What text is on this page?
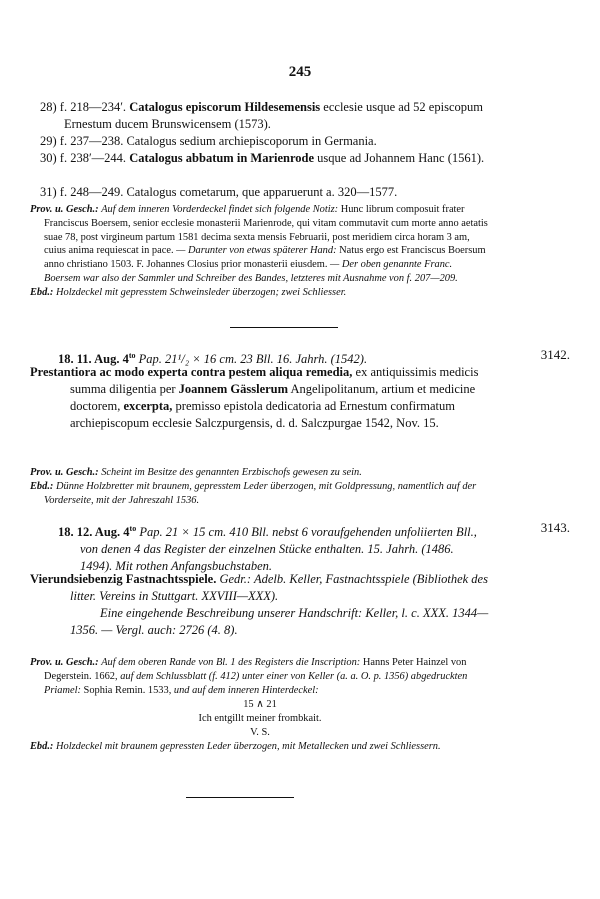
245
28) f. 218—234′. Catalogus episcorum Hildesemensis ecclesie usque ad 52 episcopum Ernestum ducem Brunswicensem (1573).
29) f. 237—238. Catalogus sedium archiepiscoporum in Germania.
30) f. 238′—244. Catalogus abbatum in Marienrode usque ad Johannem Hanc (1561).
31) f. 248—249. Catalogus cometarum, que apparuerunt a. 320—1577.

Prov. u. Gesch.: Auf dem inneren Vorderdeckel findet sich folgende Notiz: Hunc librum composuit frater Franciscus Boersem, senior ecclesie monasterii Marienrode, qui vitam commutavit cum morte anno aetatis suae 78, post virgineum partum 1581 decima sexta mensis Februarii, post meridiem circa horam 3 am, cuius anima requiescat in pace. — Darunter von etwas späterer Hand: Natus ergo est Franciscus Boersum anno christiano 1503. F. Johannes Closius prior monasterii eiusdem. — Der oben genannte Franc. Boersem war also der Sammler und Schreiber des Bandes, letzteres mit Ausnahme von f. 207—209.

Ebd.: Holzdeckel mit gepresstem Schweinsleder überzogen; zwei Schliesser.

18. 11. Aug. $4^{to}$ Pap. 21¹/₂ × 16 cm. 23 Bll. 16. Jahrh. (1542).	3142.
Prestantiora ac modo experta contra pestem aliqua remedia, ex antiquissimis medicis summa diligentia per Joannem Gässlerum Angelipolitanum, artium et medicine doctorem, excerpta, premisso epistola dedicatoria ad Ernestum confirmatum archiepiscopum ecclesie Salczpurgensis, d. d. Salczpurgae 1542, Nov. 15.

Prov. u. Gesch.: Scheint im Besitze des genannten Erzbischofs gewesen zu sein.

Ebd.: Dünne Holzbretter mit braunem, gepresstem Leder überzogen, mit Goldpressung, namentlich auf der Vorderseite, mit der Jahreszahl 1536.

18. 12. Aug. $4^{to}$ Pap. 21 × 15 cm. 410 Bll. nebst 6 voraufgehenden unfoliierten Bll., von denen 4 das Register der einzelnen Stücke enthalten. 15. Jahrh. (1486. 1494). Mit rothen Anfangsbuchstaben.
3143.
Vierundsiebenzig Fastnachtsspiele. Gedr.: Adelb. Keller, Fastnachtsspiele (Bibliothek des litter. Vereins in Stuttgart. XXVIII—XXX).
Eine eingehende Beschreibung unserer Handschrift: Keller, l. c. XXX. 1344—1356. — Vergl. auch: 2726 (4. 8).

Prov. u. Gesch.: Auf dem oberen Rande von Bl. 1 des Registers die Inscription: Hanns Peter Hainzel von Degerstein. 1662, auf dem Schlussblatt (f. 412) unter einer von Keller (a. a. O. p. 1356) abgedruckten Priamel: Sophia Remin. 1533, und auf dem inneren Hinterdeckel:

15 ∧ 21
Ich entgillt meiner frombkait.
V. S.

Ebd.: Holzdeckel mit braunem gepressten Leder überzogen, mit Metallecken und zwei Schliessern.
